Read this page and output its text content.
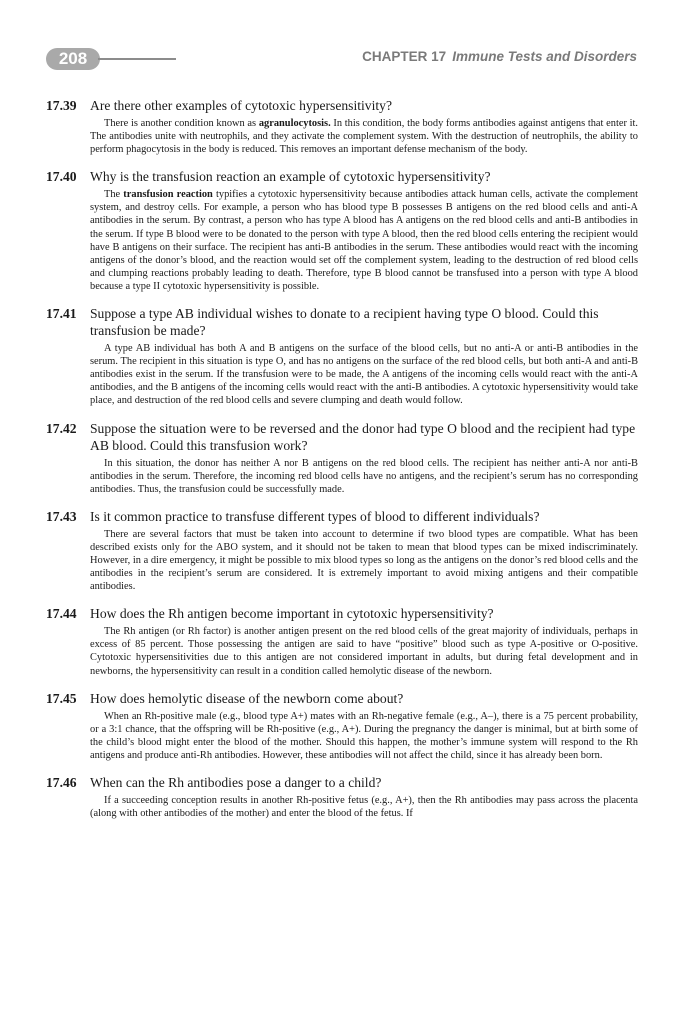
208	CHAPTER 17 Immune Tests and Disorders
17.39 Are there other examples of cytotoxic hypersensitivity?
There is another condition known as agranulocytosis. In this condition, the body forms antibodies against antigens that enter it. The antibodies unite with neutrophils, and they activate the complement system. With the destruction of neutrophils, the ability to perform phagocytosis in the body is reduced. This removes an important defense mechanism of the body.
17.40 Why is the transfusion reaction an example of cytotoxic hypersensitivity?
The transfusion reaction typifies a cytotoxic hypersensitivity because antibodies attack human cells, activate the complement system, and destroy cells. For example, a person who has blood type B possesses B antigens on the red blood cells and anti-A antibodies in the serum. By contrast, a person who has type A blood has A antigens on the red blood cells and anti-B antibodies in the serum. If type B blood were to be donated to the person with type A blood, then the red blood cells entering the recipient would have B antigens on their surface. The recipient has anti-B antibodies in the serum. These antibodies would react with the incoming antigens of the donor’s blood, and the reaction would set off the complement system, leading to the destruction of red blood cells and clumping reactions probably leading to death. Therefore, type B blood cannot be transfused into a person with type A blood because a type II cytotoxic hypersensitivity is possible.
17.41 Suppose a type AB individual wishes to donate to a recipient having type O blood. Could this transfusion be made?
A type AB individual has both A and B antigens on the surface of the blood cells, but no anti-A or anti-B antibodies in the serum. The recipient in this situation is type O, and has no antigens on the surface of the red blood cells, but both anti-A and anti-B antibodies exist in the serum. If the transfusion were to be made, the A antigens of the incoming cells would react with the anti-A antibodies, and the B antigens of the incoming cells would react with the anti-B antibodies. A cytotoxic hypersensitivity would take place, and destruction of the red blood cells and severe clumping and death would follow.
17.42 Suppose the situation were to be reversed and the donor had type O blood and the recipient had type AB blood. Could this transfusion work?
In this situation, the donor has neither A nor B antigens on the red blood cells. The recipient has neither anti-A nor anti-B antibodies in the serum. Therefore, the incoming red blood cells have no antigens, and the recipient’s serum has no corresponding antibodies. Thus, the transfusion could be successfully made.
17.43 Is it common practice to transfuse different types of blood to different individuals?
There are several factors that must be taken into account to determine if two blood types are compatible. What has been described exists only for the ABO system, and it should not be taken to mean that blood types can be mixed indiscriminately. However, in a dire emergency, it might be possible to mix blood types so long as the antigens on the donor’s red blood cells and the antibodies in the recipient’s serum are considered. It is extremely important to avoid mixing antigens and their compatible antibodies.
17.44 How does the Rh antigen become important in cytotoxic hypersensitivity?
The Rh antigen (or Rh factor) is another antigen present on the red blood cells of the great majority of individuals, perhaps in excess of 85 percent. Those possessing the antigen are said to have “positive” blood such as type A-positive or O-positive. Cytotoxic hypersensitivities due to this antigen are not considered important in adults, but during fetal development and in newborns, the hypersensitivity can result in a condition called hemolytic disease of the newborn.
17.45 How does hemolytic disease of the newborn come about?
When an Rh-positive male (e.g., blood type A+) mates with an Rh-negative female (e.g., A–), there is a 75 percent probability, or a 3:1 chance, that the offspring will be Rh-positive (e.g., A+). During the pregnancy the danger is minimal, but at birth some of the child’s blood might enter the blood of the mother. Should this happen, the mother’s immune system will respond to the Rh antigens and produce anti-Rh antibodies. However, these antibodies will not affect the child, since it has already been born.
17.46 When can the Rh antibodies pose a danger to a child?
If a succeeding conception results in another Rh-positive fetus (e.g., A+), then the Rh antibodies may pass across the placenta (along with other antibodies of the mother) and enter the blood of the fetus. If
